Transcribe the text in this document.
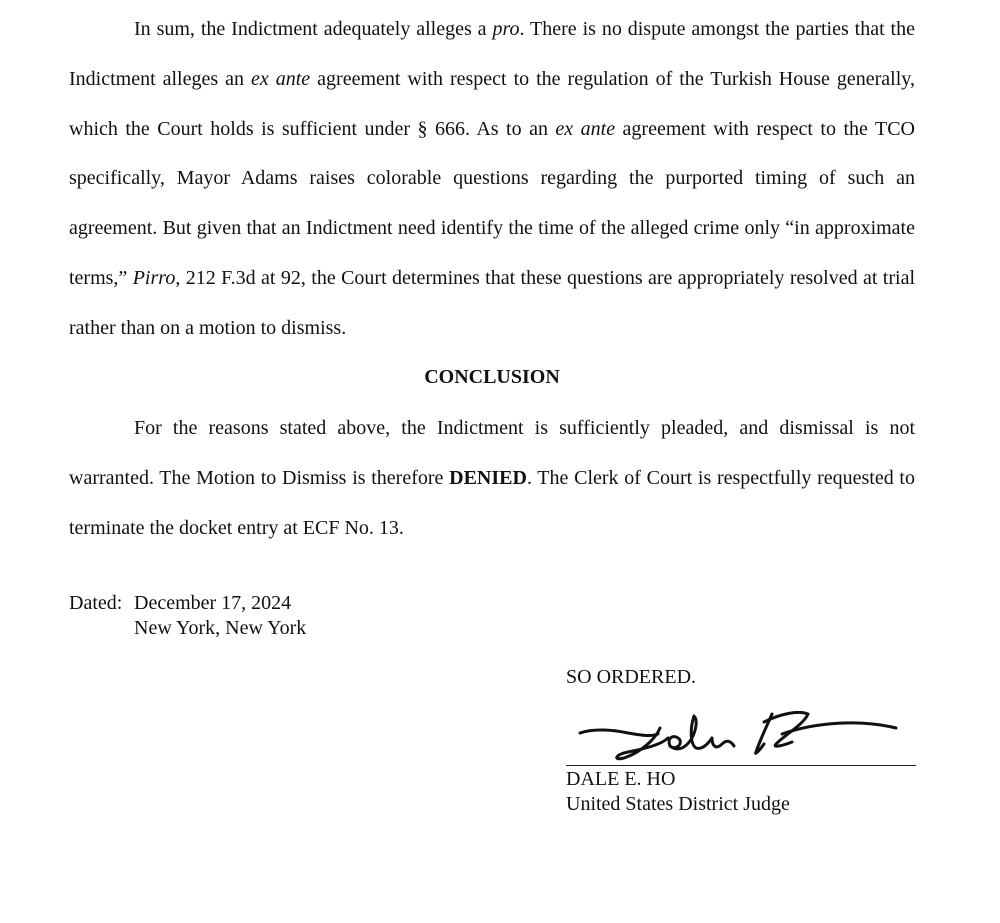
In sum, the Indictment adequately alleges a pro. There is no dispute amongst the parties that the Indictment alleges an ex ante agreement with respect to the regulation of the Turkish House generally, which the Court holds is sufficient under § 666. As to an ex ante agreement with respect to the TCO specifically, Mayor Adams raises colorable questions regarding the purported timing of such an agreement. But given that an Indictment need identify the time of the alleged crime only “in approximate terms,” Pirro, 212 F.3d at 92, the Court determines that these questions are appropriately resolved at trial rather than on a motion to dismiss.

CONCLUSION

For the reasons stated above, the Indictment is sufficiently pleaded, and dismissal is not warranted. The Motion to Dismiss is therefore DENIED. The Clerk of Court is respectfully requested to terminate the docket entry at ECF No. 13.

Dated: December 17, 2024
New York, New York
SO ORDERED.
DALE E. HO
United States District Judge
